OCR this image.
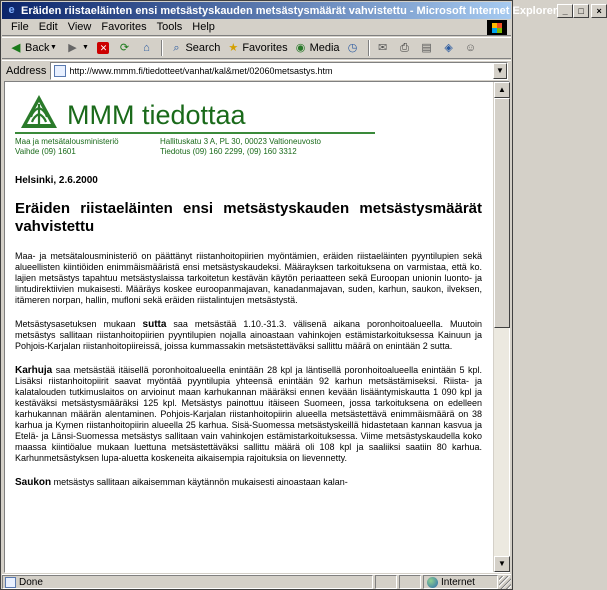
e Eräiden riistaeläinten ensi metsästyskauden metsästysmäärät vahvistettu - Microsoft Internet Explorer _	□	×
File Edit View Favorites Tools Help
◀ Back ▼ ▶ ▼ ✕ ⟳	⌂	⌕ Search ★ Favorites ◉ Media ◷ ✉ ⎙ ▤ ◈ ☺
Address	http://www.mmm.fi/tiedotteet/vanhat/kal&met/02060metsastys.htm	▼
MMM tiedottaa
Maa ja metsätalousministeriö
Vaihde (09) 1601
Hallituskatu 3 A, PL 30, 00023 Valtioneuvosto
Tiedotus (09) 160 2299, (09) 160 3312
Helsinki, 2.6.2000
Eräiden riistaeläinten ensi metsästyskauden metsästysmäärät vahvistettu

Maa- ja metsätalousministeriö on päättänyt riistanhoitopiirien myöntämien, eräiden riistaeläinten pyyntilupien sekä alueellisten kiintiöiden enimmäismääristä ensi metsästyskaudeksi. Määrayksen tarkoituksena on varmistaa, että ko. lajien metsästys tapahtuu metsästyslaissa tarkoitetun kestävän käytön periaatteen sekä Euroopan unionin luonto- ja lintudirektiivien mukaisesti. Määräys koskee euroopanmajavan, kanadanmajavan, suden, karhun, saukon, ilveksen, itämeren norpan, hallin, mufloni sekä eräiden riistalintujen metsästystä.

Metsästysasetuksen mukaan sutta saa metsästää 1.10.-31.3. välisenä aikana poronhoitoalueella. Muutoin metsästys sallitaan riistanhoitopiirien pyyntilupien nojalla ainoastaan vahinkojen estämistarkoituksessa Kainuun ja Pohjois-Karjalan riistanhoitopiireissä, joissa kummassakin metsästettäväksi sallittu määrä on enintään 2 sutta.

Karhuja saa metsästää itäisellä poronhoitoalueella enintään 28 kpl ja läntisellä poronhoitoalueella enintään 5 kpl. Lisäksi riistanhoitopiirit saavat myöntää pyyntilupia yhteensä enintään 92 karhun metsästämiseksi. Riista- ja kalatalouden tutkimuslaitos on arvioinut maan karhukannan määräksi ennen kevään lisääntymiskautta 1 090 kpl ja kestäväksi metsästysmääräksi 125 kpl. Metsästys painottuu itäiseen Suomeen, jossa tarkoituksena on edelleen karhukannan määrän alentaminen. Pohjois-Karjalan riistanhoitopiirin alueella metsästettävä enimmäismäärä on 38 karhua ja Kymen riistanhoitopiirin alueella 25 karhua. Sisä-Suomessa metsästyskeillä hidastetaan kannan kasvua ja Etelä- ja Länsi-Suomessa metsästys sallitaan vain vahinkojen estämistarkoituksessa. Viime metsästyskaudella koko maassa kiintiöalue mukaan luettuna metsästettäväksi sallittu määrä oli 108 kpl ja saaliiksi saatiin 80 karhua. Karhunmetsästyksen lupa-aluetta koskeneita aikaisempia rajoituksia on lievennetty.

Saukon metsästys sallitaan aikaisemman käytännön mukaisesti ainoastaan kalan-

▲
▼
Done	Internet
